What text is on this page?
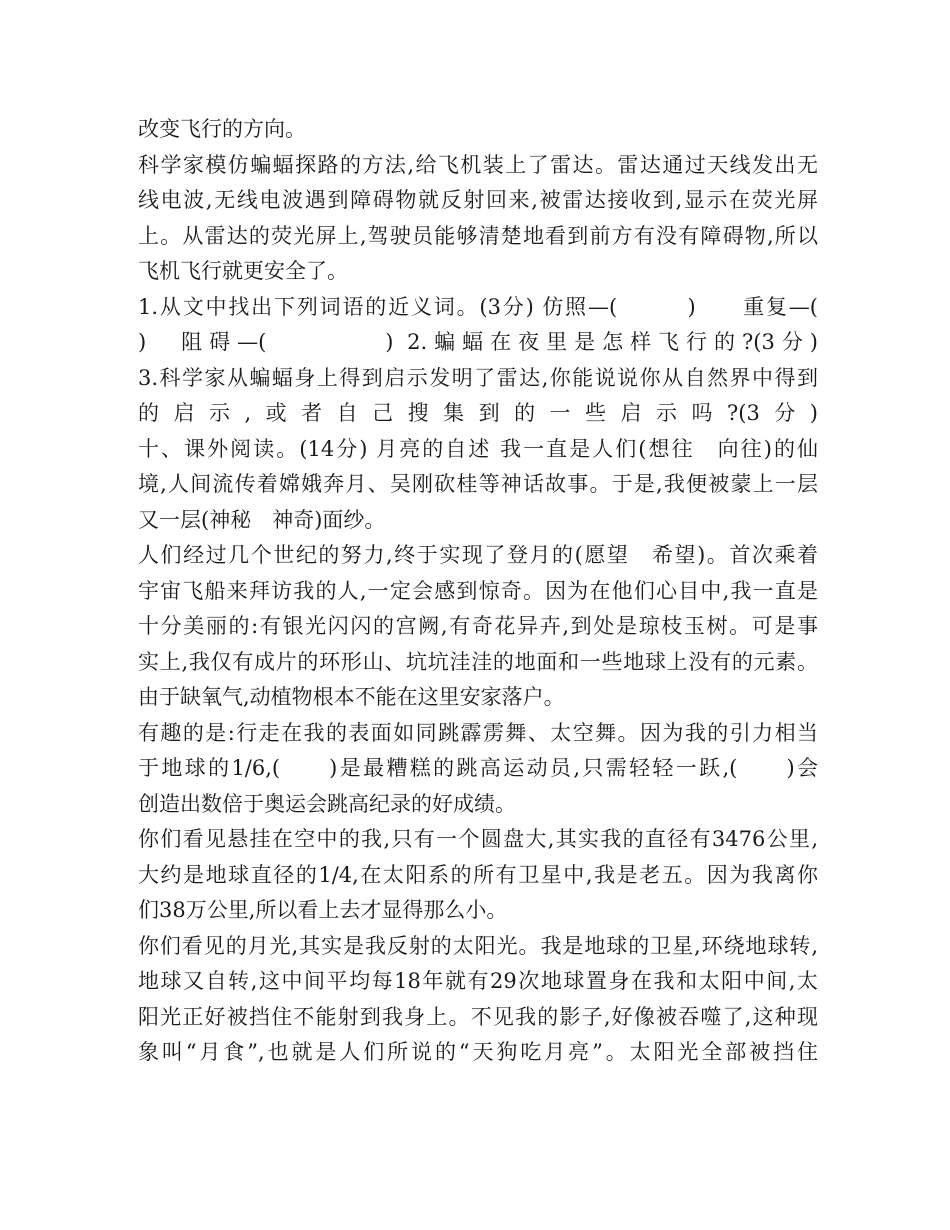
改变飞行的方向。
科学家模仿蝙蝠探路的方法,给飞机装上了雷达。雷达通过天线发出无
线电波,无线电波遇到障碍物就反射回来,被雷达接收到,显示在荧光屏
上。从雷达的荧光屏上,驾驶员能够清楚地看到前方有没有障碍物,所以
飞机飞行就更安全了。
1.从文中找出下列词语的近义词。(3分) 仿照—(　　　)　　重复—(
)　阻碍—(　　　　) 2.蝙蝠在夜里是怎样飞行的?(3分)
3.科学家从蝙蝠身上得到启示发明了雷达,你能说说你从自然界中得到
的启示,或者自己搜集到的一些启示吗?(3分)
十、课外阅读。(14分) 月亮的自述 我一直是人们(想往　向往)的仙
境,人间流传着嫦娥奔月、吴刚砍桂等神话故事。于是,我便被蒙上一层
又一层(神秘　神奇)面纱。
人们经过几个世纪的努力,终于实现了登月的(愿望　希望)。首次乘着
宇宙飞船来拜访我的人,一定会感到惊奇。因为在他们心目中,我一直是
十分美丽的:有银光闪闪的宫阙,有奇花异卉,到处是琼枝玉树。可是事
实上,我仅有成片的环形山、坑坑洼洼的地面和一些地球上没有的元素。
由于缺氧气,动植物根本不能在这里安家落户。
有趣的是:行走在我的表面如同跳霹雳舞、太空舞。因为我的引力相当
于地球的1/6,(　　)是最糟糕的跳高运动员,只需轻轻一跃,(　　)会
创造出数倍于奥运会跳高纪录的好成绩。
你们看见悬挂在空中的我,只有一个圆盘大,其实我的直径有3476公里,
大约是地球直径的1/4,在太阳系的所有卫星中,我是老五。因为我离你
们38万公里,所以看上去才显得那么小。
你们看见的月光,其实是我反射的太阳光。我是地球的卫星,环绕地球转,
地球又自转,这中间平均每18年就有29次地球置身在我和太阳中间,太
阳光正好被挡住不能射到我身上。不见我的影子,好像被吞噬了,这种现
象叫“月食”,也就是人们所说的“天狗吃月亮”。太阳光全部被挡住
